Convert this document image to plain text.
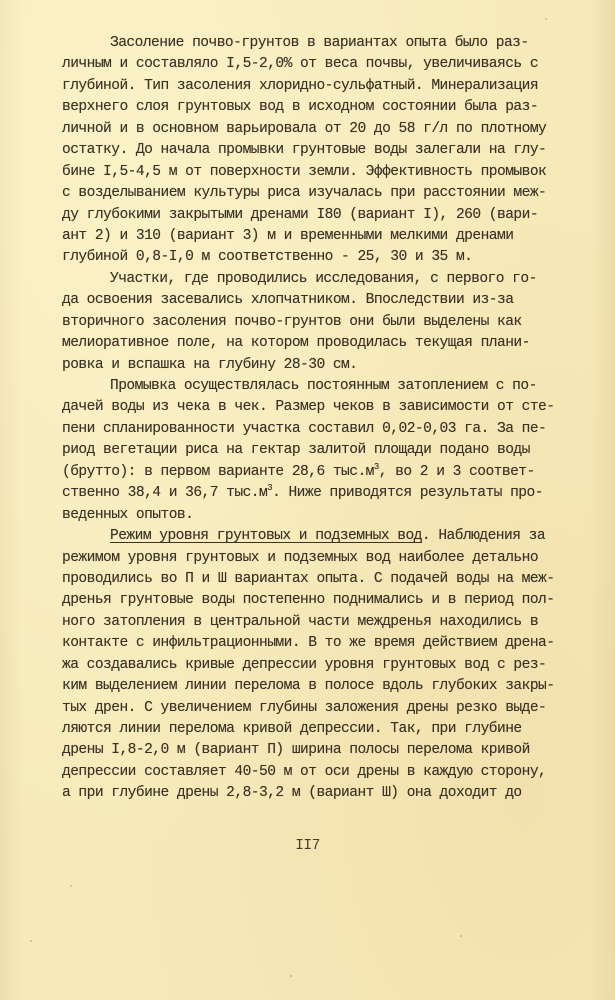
Засоление почво-грунтов в вариантах опыта было раз-
личным и составляло I,5-2,0% от веса почвы, увеличиваясь с
глубиной. Тип засоления хлоридно-сульфатный. Минерализация
верхнего слоя грунтовых вод в исходном состоянии была раз-
личной и в основном варьировала от 20 до 58 г/л по плотному
остатку. До начала промывки грунтовые воды залегали на глу-
бине I,5-4,5 м от поверхности земли. Эффективность промывок
с возделыванием культуры риса изучалась при расстоянии меж-
ду глубокими закрытыми дренами I80 (вариант I), 260 (вари-
ант 2) и 310 (вариант 3) м и временными мелкими дренами
глубиной 0,8-I,0 м соответственно - 25, 30 и 35 м.
Участки, где проводились исследования, с первого го-
да освоения засевались хлопчатником. Впоследствии из-за
вторичного засоления почво-грунтов они были выделены как
мелиоративное поле, на котором проводилась текущая плани-
ровка и вспашка на глубину 28-30 см.
Промывка осуществлялась постоянным затоплением с по-
дачей воды из чека в чек. Размер чеков в зависимости от сте-
пени спланированности участка составил 0,02-0,03 га. За пе-
риод вегетации риса на гектар залитой площади подано воды
(брутто): в первом варианте 28,6 $тыс.м^3$, во 2 и 3 соответ-
ственно 38,4 и 36,7 $тыс.м^3$. Ниже приводятся результаты про-
веденных опытов.
Режим уровня грунтовых и подземных вод. Наблюдения за
режимом уровня грунтовых и подземных вод наиболее детально
проводились во П и Ш вариантах опыта. С подачей воды на меж-
дренья грунтовые воды постепенно поднимались и в период пол-
ного затопления в центральной части междренья находились в
контакте с инфильтрационными. В то же время действием дрена-
жа создавались кривые депрессии уровня грунтовых вод с рез-
ким выделением линии перелома в полосе вдоль глубоких закры-
тых дрен. С увеличением глубины заложения дрены резко выде-
ляются линии перелома кривой депрессии. Так, при глубине
дрены I,8-2,0 м (вариант П) ширина полосы перелома кривой
депрессии составляет 40-50 м от оси дрены в каждую сторону,
а при глубине дрены 2,8-3,2 м (вариант Ш) она доходит до
II7
